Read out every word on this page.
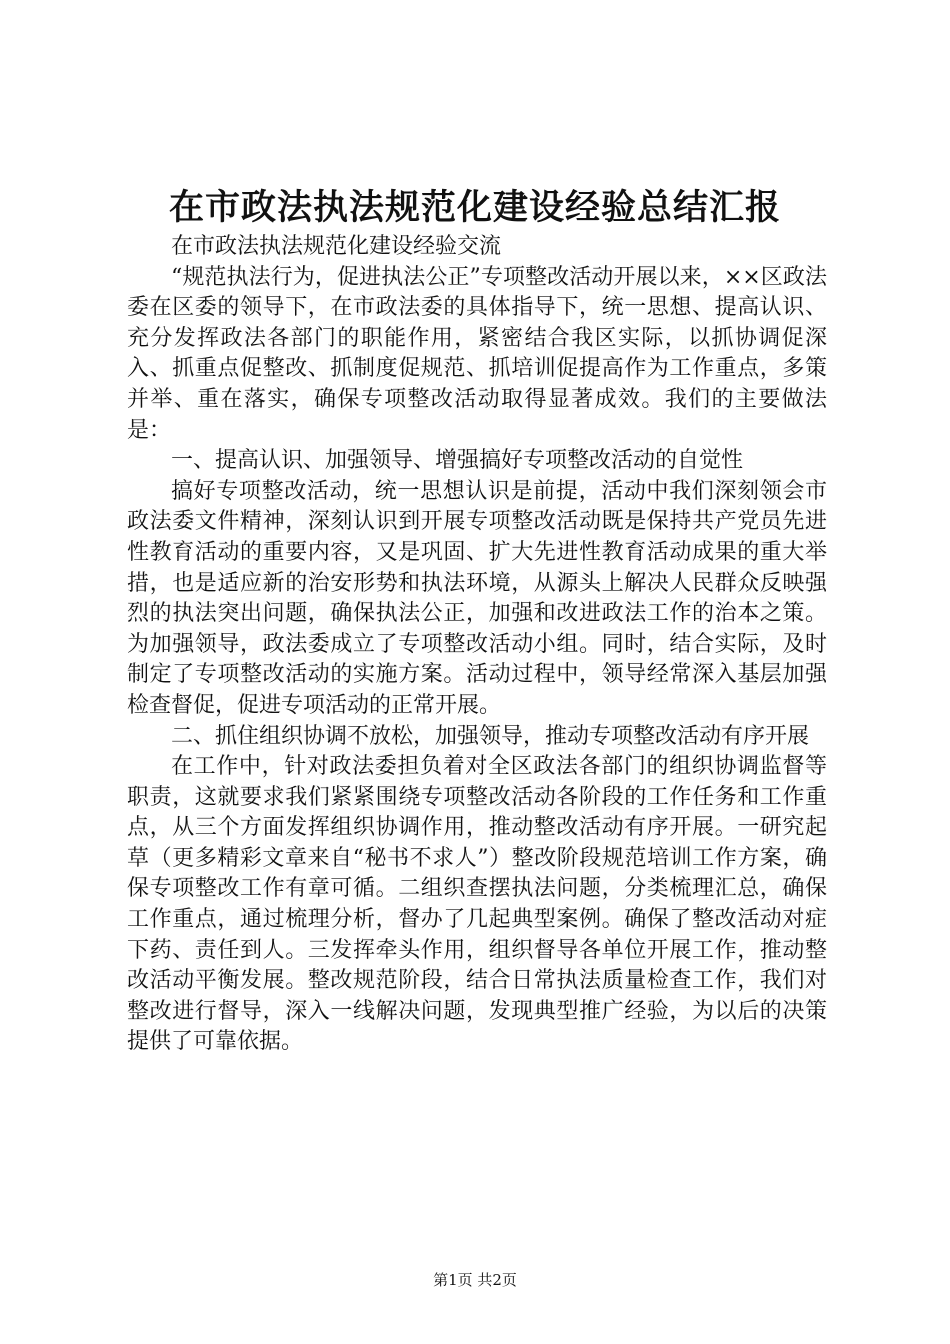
在市政法执法规范化建设经验总结汇报

在市政法执法规范化建设经验交流

“规范执法行为，促进执法公正”专项整改活动开展以来，××区政法委在区委的领导下，在市政法委的具体指导下，统一思想、提高认识、充分发挥政法各部门的职能作用，紧密结合我区实际，以抓协调促深入、抓重点促整改、抓制度促规范、抓培训促提高作为工作重点，多策并举、重在落实，确保专项整改活动取得显著成效。我们的主要做法是：

一、提高认识、加强领导、增强搞好专项整改活动的自觉性

搞好专项整改活动，统一思想认识是前提，活动中我们深刻领会市政法委文件精神，深刻认识到开展专项整改活动既是保持共产党员先进性教育活动的重要内容，又是巩固、扩大先进性教育活动成果的重大举措，也是适应新的治安形势和执法环境，从源头上解决人民群众反映强烈的执法突出问题，确保执法公正，加强和改进政法工作的治本之策。为加强领导，政法委成立了专项整改活动小组。同时，结合实际，及时制定了专项整改活动的实施方案。活动过程中，领导经常深入基层加强检查督促，促进专项活动的正常开展。

二、抓住组织协调不放松，加强领导，推动专项整改活动有序开展

在工作中，针对政法委担负着对全区政法各部门的组织协调监督等职责，这就要求我们紧紧围绕专项整改活动各阶段的工作任务和工作重点，从三个方面发挥组织协调作用，推动整改活动有序开展。一研究起草（更多精彩文章来自“秘书不求人”）整改阶段规范培训工作方案，确保专项整改工作有章可循。二组织查摆执法问题，分类梳理汇总，确保工作重点，通过梳理分析，督办了几起典型案例。确保了整改活动对症下药、责任到人。三发挥牵头作用，组织督导各单位开展工作，推动整改活动平衡发展。整改规范阶段，结合日常执法质量检查工作，我们对整改进行督导，深入一线解决问题，发现典型推广经验，为以后的决策提供了可靠依据。

第1页 共2页
